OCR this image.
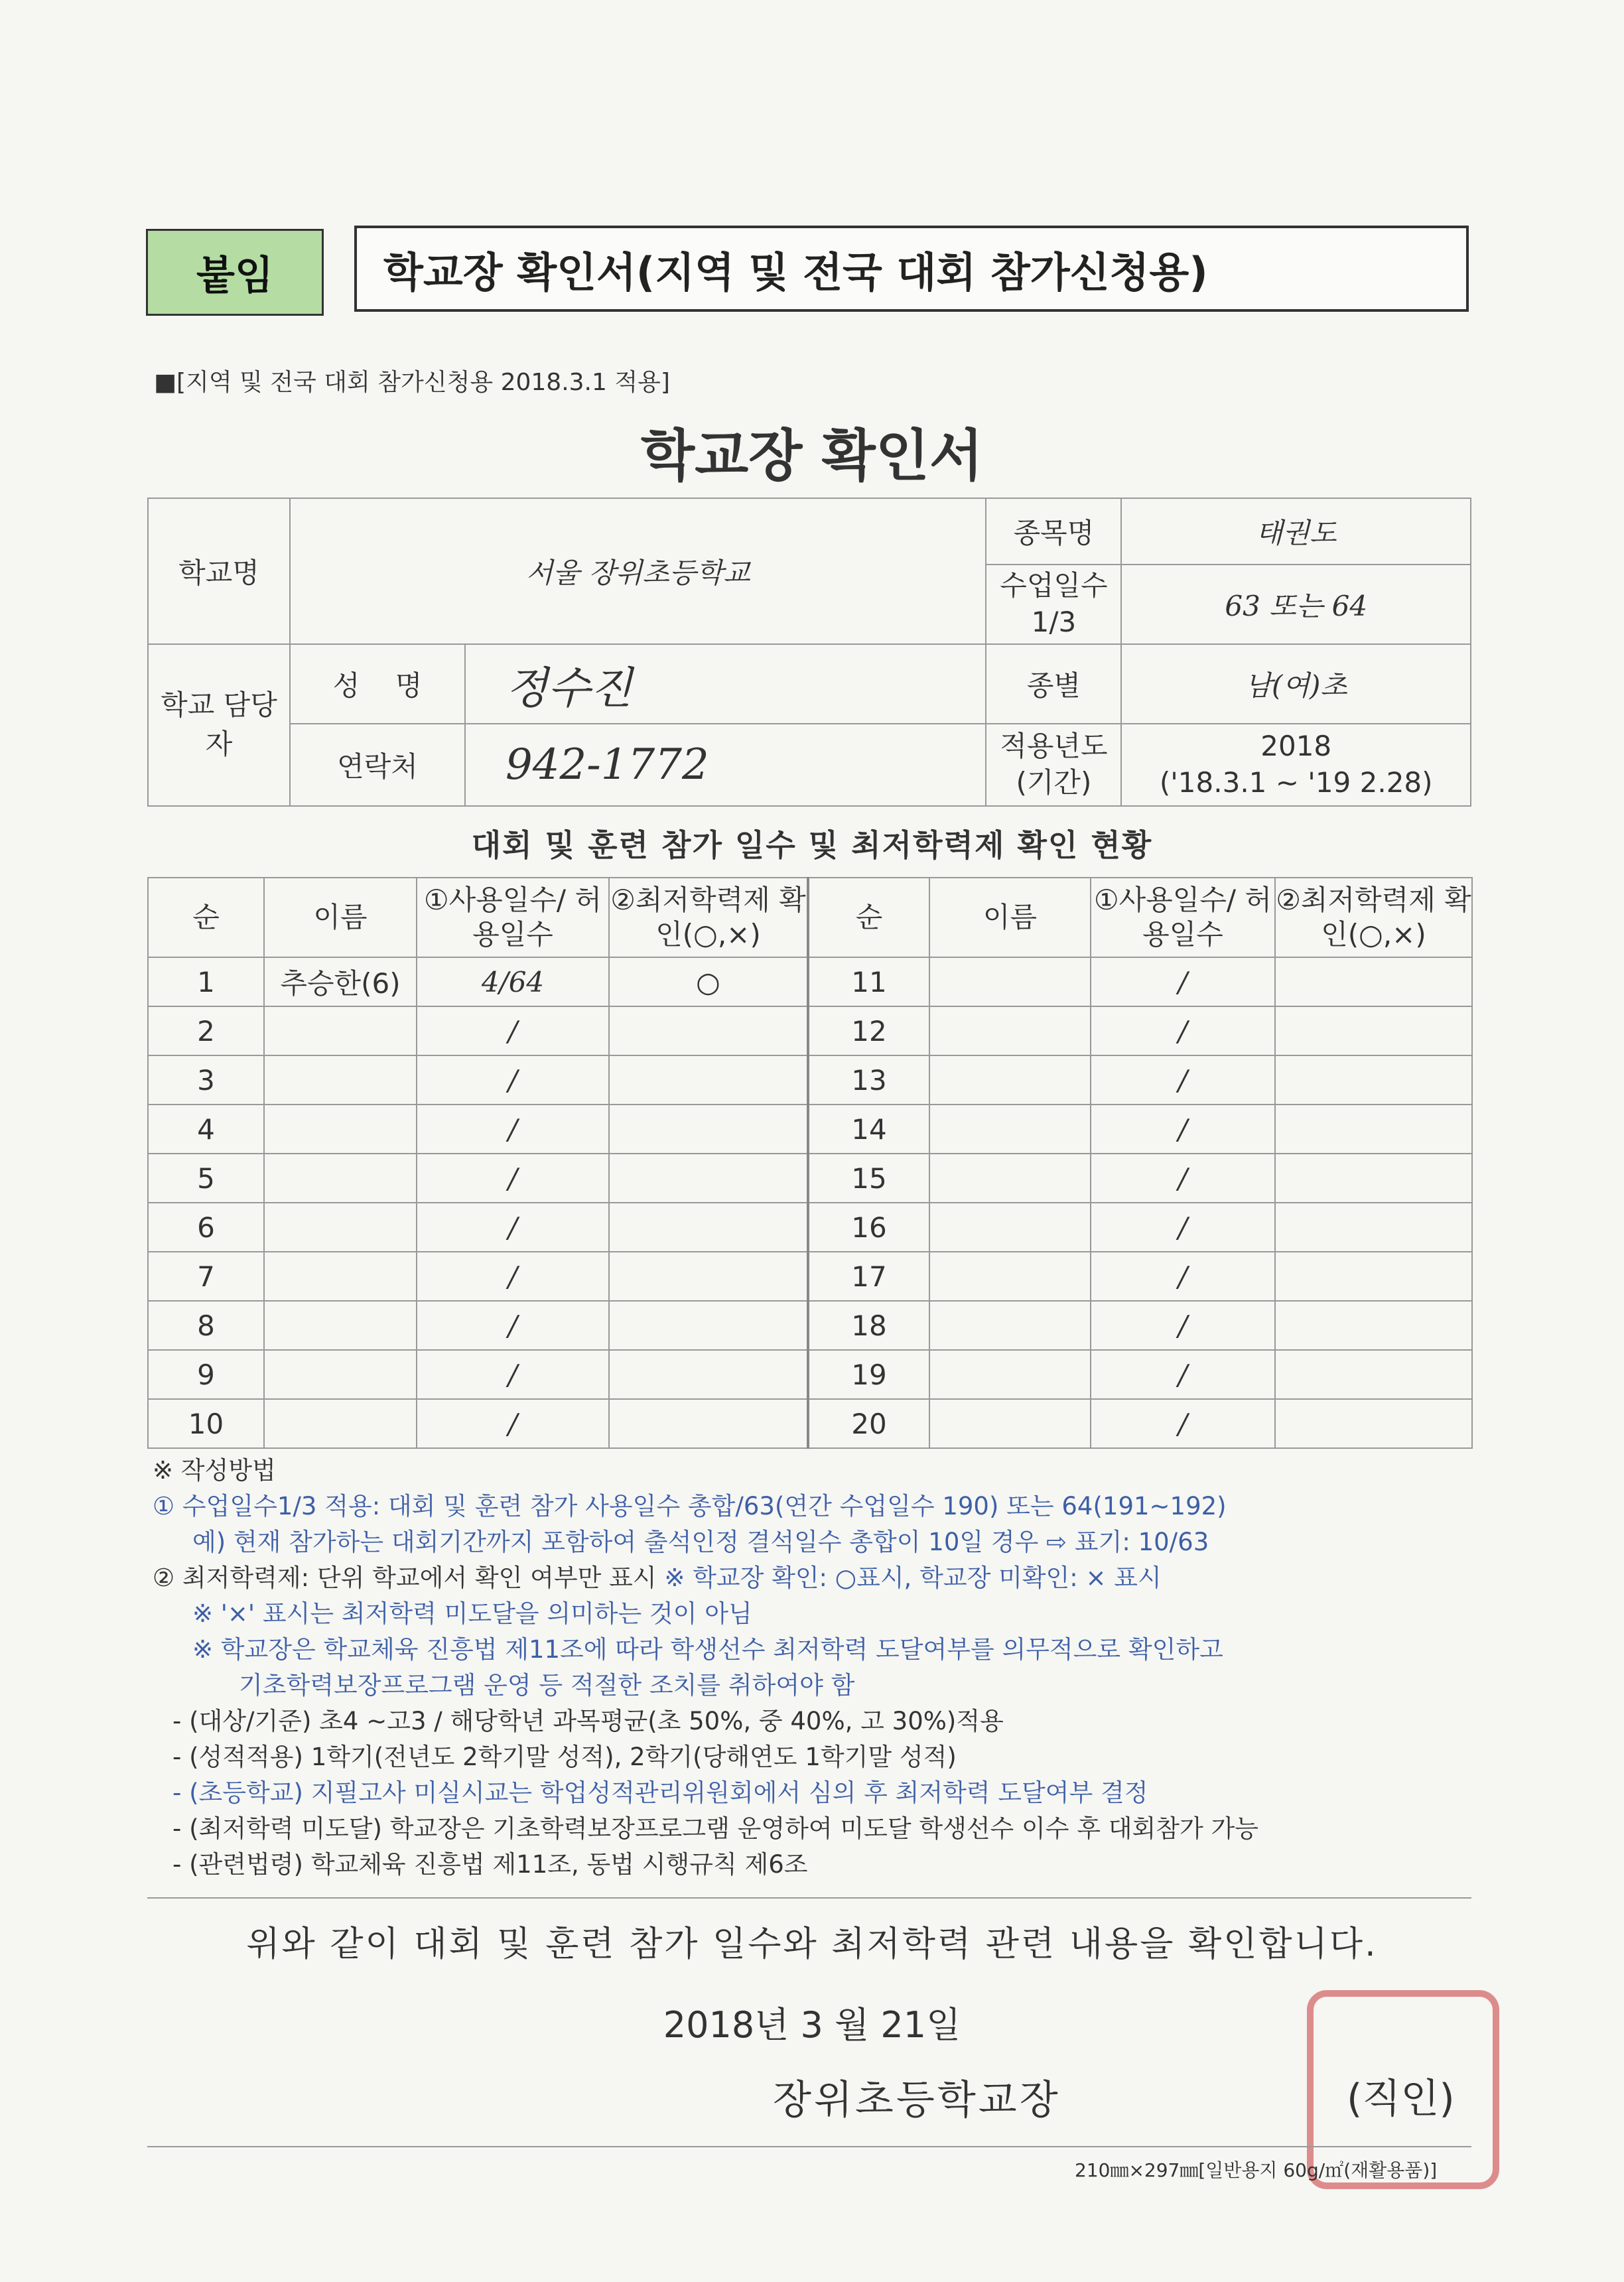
붙임	학교장 확인서(지역 및 전국 대회 참가신청용)
■[지역 및 전국 대회 참가신청용 2018.3.1 적용]
학교장 확인서
학교명	서울 장위초등학교		종목명	태권도
			수업일수 1/3	63 또는 64
학교 담당자	성    명	정수진	종별	남(여)초
	연락처	942-1772	적용년도 (기간)	2018
('18.3.1 ~ '19 2.28)
대회 및 훈련 참가 일수 및 최저학력제 확인 현황
순	이름	①사용일수/ 허용일수	②최저학력제 확인(○,×)	순	이름	①사용일수/ 허용일수	②최저학력제 확인(○,×)
1	추승한(6)	4/64	○	11		/	
2		/		12		/	
3		/		13		/	
4		/		14		/	
5		/		15		/	
6		/		16		/	
7		/		17		/	
8		/		18		/	
9		/		19		/	
10		/		20		/	
※ 작성방법
① 수업일수1/3 적용: 대회 및 훈련 참가 사용일수 총합/63(연간 수업일수 190) 또는 64(191~192)
예) 현재 참가하는 대회기간까지 포함하여 출석인정 결석일수 총합이 10일 경우 ⇨ 표기: 10/63
② 최저학력제: 단위 학교에서 확인 여부만 표시 ※ 학교장 확인: ○표시, 학교장 미확인: × 표시
※ '×' 표시는 최저학력 미도달을 의미하는 것이 아님
※ 학교장은 학교체육 진흥법 제11조에 따라 학생선수 최저학력 도달여부를 의무적으로 확인하고
기초학력보장프로그램 운영 등 적절한 조치를 취하여야 함
- (대상/기준) 초4 ~고3 / 해당학년 과목평균(초 50%, 중 40%, 고 30%)적용
- (성적적용) 1학기(전년도 2학기말 성적), 2학기(당해연도 1학기말 성적)
- (초등학교) 지필고사 미실시교는 학업성적관리위원회에서 심의 후 최저학력 도달여부 결정
- (최저학력 미도달) 학교장은 기초학력보장프로그램 운영하여 미도달 학생선수 이수 후 대회참가 가능
- (관련법령) 학교체육 진흥법 제11조, 동법 시행규칙 제6조
위와 같이 대회 및 훈련 참가 일수와 최저학력 관련 내용을 확인합니다.
2018년 3 월 21일
장위초등학교장	(직인)
210㎜×297㎜[일반용지 60g/㎡(재활용품)]
